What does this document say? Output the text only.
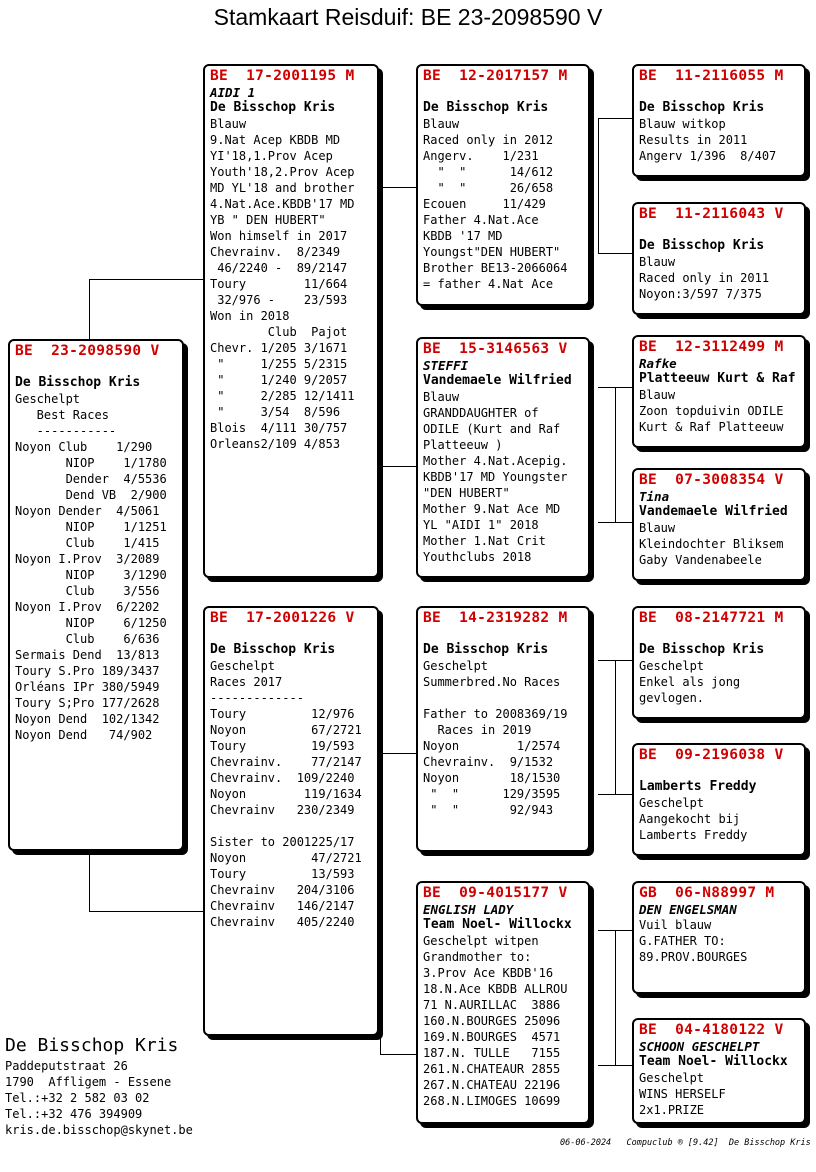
Stamkaart Reisduif: BE 23-2098590 V
BE  23-2098590 V
De Bisschop Kris
Geschelpt
Best Races
-----------
Noyon Club    1/290
NIOP    1/1780
Dender  4/5536
Dend VB  2/900
Noyon Dender  4/5061
NIOP    1/1251
Club    1/415
Noyon I.Prov  3/2089
NIOP    3/1290
Club    3/556
Noyon I.Prov  6/2202
NIOP    6/1250
Club    6/636
Sermais Dend  13/813
Toury S.Pro 189/3437
Orléans IPr 380/5949
Toury S;Pro 177/2628
Noyon Dend  102/1342
Noyon Dend   74/902
BE  17-2001195 M
AIDI 1
De Bisschop Kris
Blauw
9.Nat Acep KBDB MD
YI'18,1.Prov Acep
Youth'18,2.Prov Acep
MD YL'18 and brother
4.Nat.Ace.KBDB'17 MD
YB " DEN HUBERT"
Won himself in 2017
Chevrainv.  8/2349
46/2240 -  89/2147
Toury        11/664
32/976 -    23/593
Won in 2018
Club  Pajot
Chevr. 1/205 3/1671
"     1/255 5/2315
"     1/240 9/2057
"     2/285 12/1411
"     3/54  8/596
Blois  4/111 30/757
Orleans2/109 4/853
BE  17-2001226 V
De Bisschop Kris
Geschelpt
Races 2017
-------------
Toury         12/976
Noyon         67/2721
Toury         19/593
Chevrainv.    77/2147
Chevrainv.  109/2240
Noyon        119/1634
Chevrainv   230/2349
Sister to 2001225/17
Noyon         47/2721
Toury         13/593
Chevrainv   204/3106
Chevrainv   146/2147
Chevrainv   405/2240
BE  12-2017157 M
De Bisschop Kris
Blauw
Raced only in 2012
Angerv.    1/231
"  "      14/612
"  "      26/658
Ecouen     11/429
Father 4.Nat.Ace
KBDB '17 MD
Youngst"DEN HUBERT"
Brother BE13-2066064
= father 4.Nat Ace
BE  15-3146563 V
STEFFI
Vandemaele Wilfried
Blauw
GRANDDAUGHTER of
ODILE (Kurt and Raf
Platteeuw )
Mother 4.Nat.Acepig.
KBDB'17 MD Youngster
"DEN HUBERT"
Mother 9.Nat Ace MD
YL "AIDI 1" 2018
Mother 1.Nat Crit
Youthclubs 2018
BE  14-2319282 M
De Bisschop Kris
Geschelpt
Summerbred.No Races
Father to 2008369/19
Races in 2019
Noyon        1/2574
Chevrainv.  9/1532
Noyon       18/1530
"  "      129/3595
"  "       92/943
BE  09-4015177 V
ENGLISH LADY
Team Noel- Willockx
Geschelpt witpen
Grandmother to:
3.Prov Ace KBDB'16
18.N.Ace KBDB ALLROU
71 N.AURILLAC  3886
160.N.BOURGES 25096
169.N.BOURGES  4571
187.N. TULLE   7155
261.N.CHATEAUR 2855
267.N.CHATEAU 22196
268.N.LIMOGES 10699
BE  11-2116055 M
De Bisschop Kris
Blauw witkop
Results in 2011
Angerv 1/396  8/407
BE  11-2116043 V
De Bisschop Kris
Blauw
Raced only in 2011
Noyon:3/597 7/375
BE  12-3112499 M
Rafke
Platteeuw Kurt & Raf
Blauw
Zoon topduivin ODILE
Kurt & Raf Platteeuw
BE  07-3008354 V
Tina
Vandemaele Wilfried
Blauw
Kleindochter Bliksem
Gaby Vandenabeele
BE  08-2147721 M
De Bisschop Kris
Geschelpt
Enkel als jong
gevlogen.
BE  09-2196038 V
Lamberts Freddy
Geschelpt
Aangekocht bij
Lamberts Freddy
GB  06-N88997 M
DEN ENGELSMAN
Vuil blauw
G.FATHER TO:
89.PROV.BOURGES
BE  04-4180122 V
SCHOON GESCHELPT
Team Noel- Willockx
Geschelpt
WINS HERSELF
2x1.PRIZE
De Bisschop Kris
Paddeputstraat 26
1790  Affligem - Essene
Tel.:+32 2 582 03 02
Tel.:+32 476 394909
kris.de.bisschop@skynet.be
06-06-2024   Compuclub ® [9.42]  De Bisschop Kris
